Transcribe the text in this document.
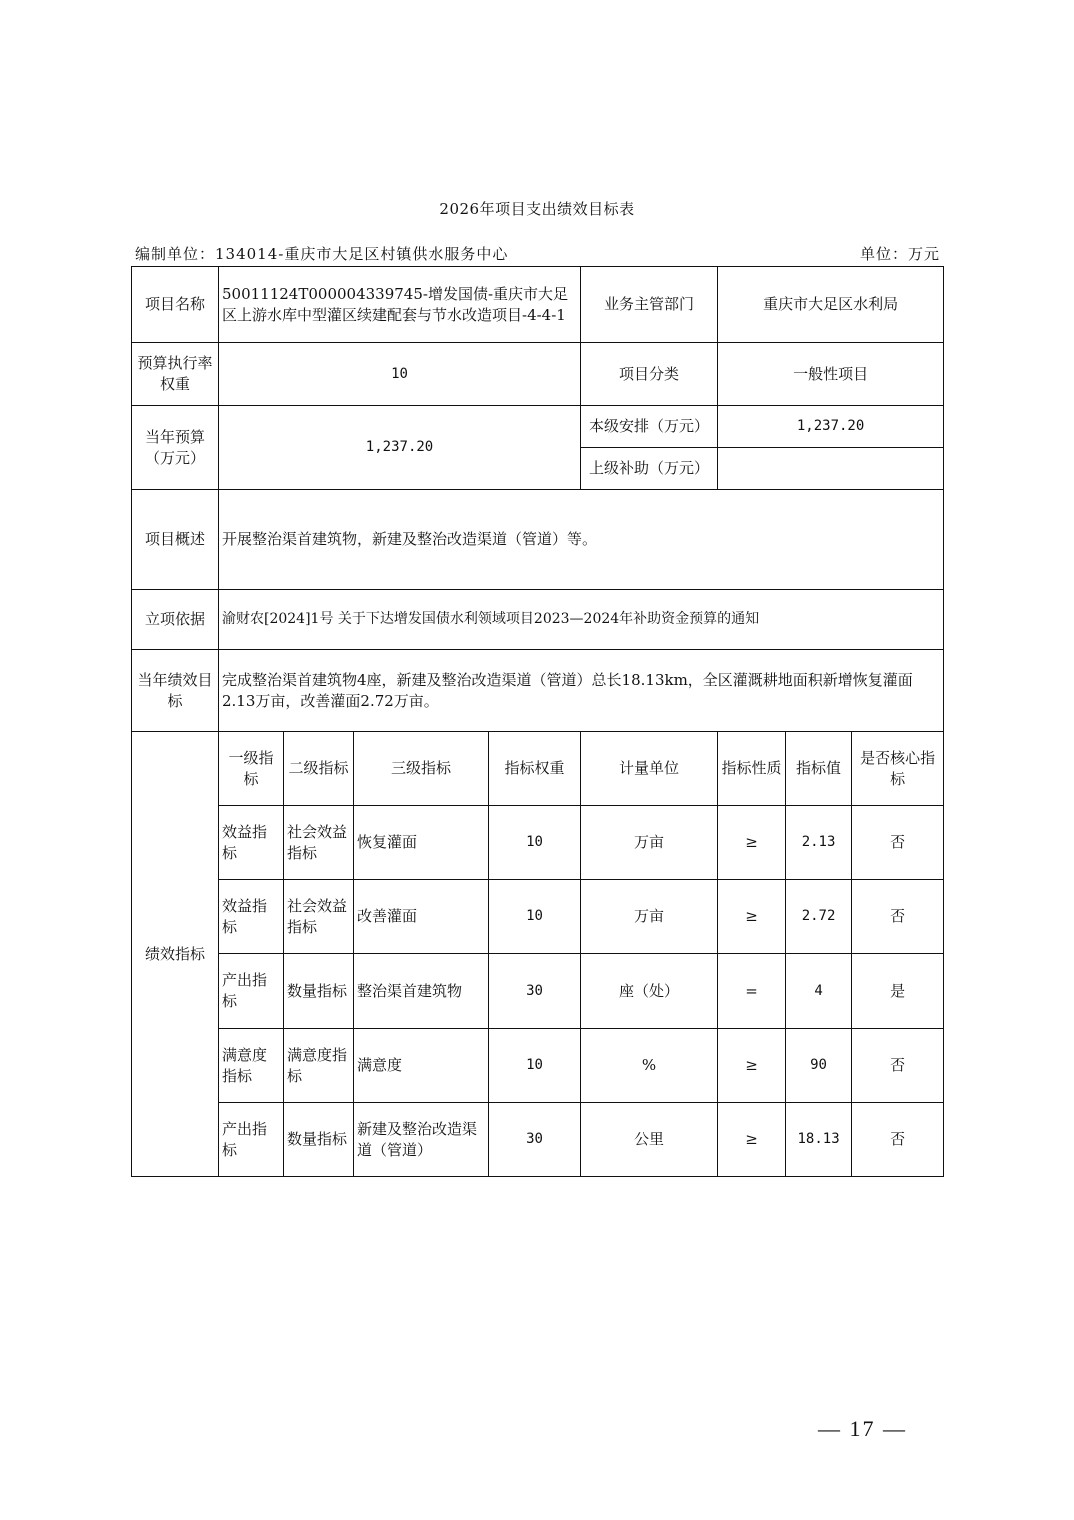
2026年项目支出绩效目标表
编制单位：134014-重庆市大足区村镇供水服务中心	单位：万元
项目名称	50011124T000004339745-增发国债-重庆市大足区上游水库中型灌区续建配套与节水改造项目-4-4-1				业务主管部门	重庆市大足区水利局		
预算执行率权重	10				项目分类	一般性项目		
当年预算（万元）	1,237.20				本级安排（万元）	1,237.20		
					上级补助（万元）			
项目概述	开展整治渠首建筑物，新建及整治改造渠道（管道）等。							
立项依据	渝财农[2024]1号 关于下达增发国债水利领域项目2023—2024年补助资金预算的通知							
当年绩效目标	完成整治渠首建筑物4座，新建及整治改造渠道（管道）总长18.13km，全区灌溉耕地面积新增恢复灌面2.13万亩，改善灌面2.72万亩。							
绩效指标	一级指标	二级指标	三级指标	指标权重	计量单位	指标性质	指标值	是否核心指标
	效益指标	社会效益指标	恢复灌面	10	万亩	≥	2.13	否
	效益指标	社会效益指标	改善灌面	10	万亩	≥	2.72	否
	产出指标	数量指标	整治渠首建筑物	30	座（处）	=	4	是
	满意度指标	满意度指标	满意度	10	%	≥	90	否
	产出指标	数量指标	新建及整治改造渠道（管道）	30	公里	≥	18.13	否
— 17 —
